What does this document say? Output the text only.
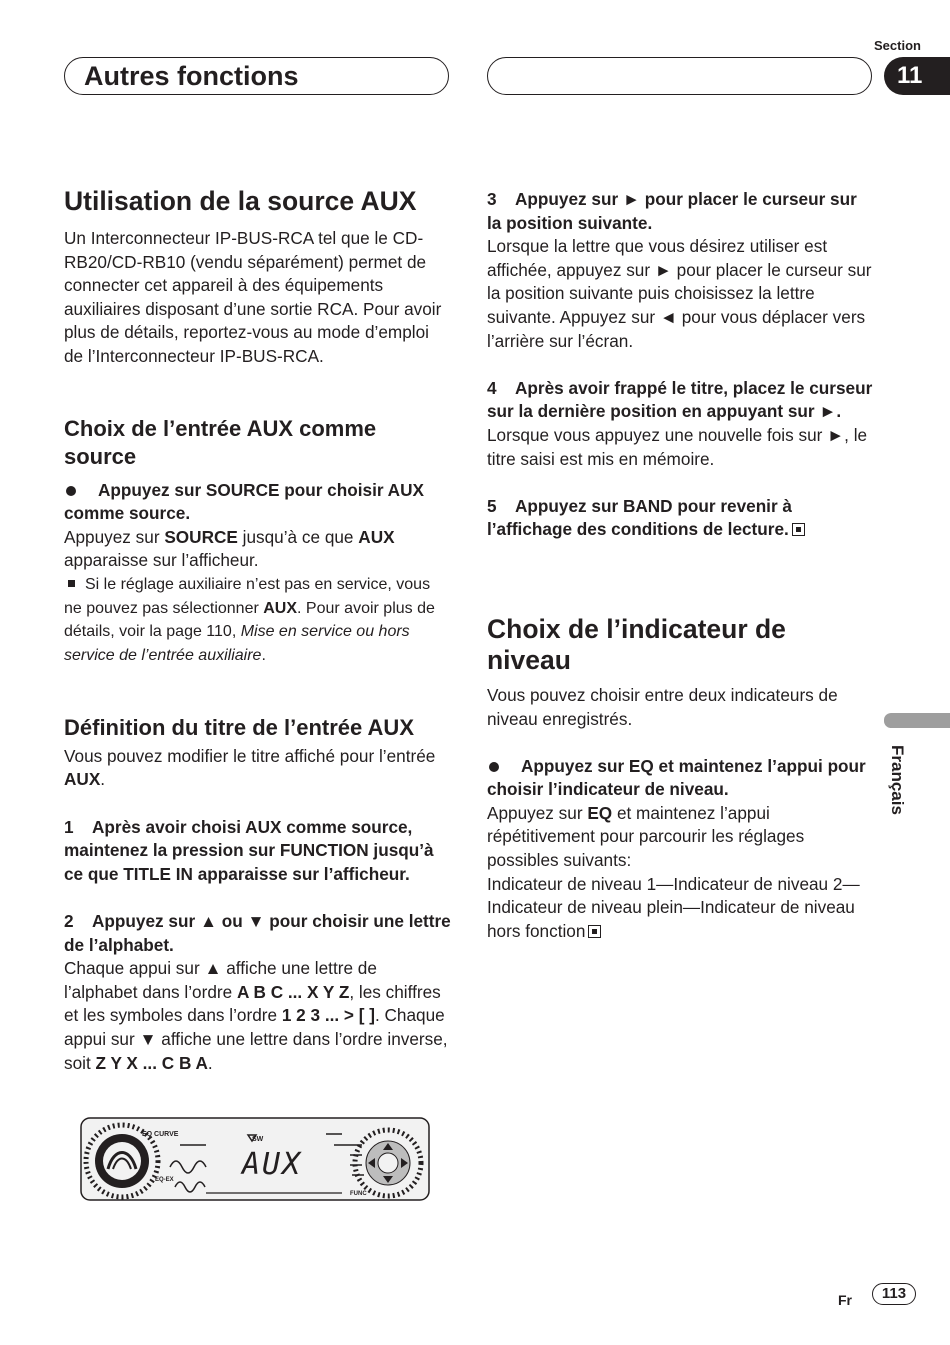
Autres fonctions
Section
11
Utilisation de la source AUX

Un Interconnecteur IP-BUS-RCA tel que le CD-RB20/CD-RB10 (vendu séparément) permet de connecter cet appareil à des équipements auxiliaires disposant d’une sortie RCA. Pour avoir plus de détails, reportez-vous au mode d’emploi de l’Interconnecteur IP-BUS-RCA.

Choix de l’entrée AUX comme source

Appuyez sur SOURCE pour choisir AUX comme source.

Appuyez sur SOURCE jusqu’à ce que AUX apparaisse sur l’afficheur.

Si le réglage auxiliaire n’est pas en service, vous ne pouvez pas sélectionner AUX. Pour avoir plus de détails, voir la page 110, Mise en service ou hors service de l’entrée auxiliaire.

Définition du titre de l’entrée AUX

Vous pouvez modifier le titre affiché pour l’entrée AUX.

1    Après avoir choisi AUX comme source, maintenez la pression sur FUNCTION jusqu’à ce que TITLE IN apparaisse sur l’afficheur.

2    Appuyez sur ▲ ou ▼ pour choisir une lettre de l’alphabet.

Chaque appui sur ▲ affiche une lettre de l’alphabet dans l’ordre A B C ... X Y Z, les chiffres et les symboles dans l’ordre 1 2 3 ... > [ ]. Chaque appui sur ▼ affiche une lettre dans l’ordre inverse, soit Z Y X ... C B A.

EQ CURVE
EQ-EX
SW
FUNC
AUX

3    Appuyez sur ► pour placer le curseur sur la position suivante.

Lorsque la lettre que vous désirez utiliser est affichée, appuyez sur ► pour placer le curseur sur la position suivante puis choisissez la lettre suivante. Appuyez sur ◄ pour vous déplacer vers l’arrière sur l’écran.

4    Après avoir frappé le titre, placez le curseur sur la dernière position en appuyant sur ►.

Lorsque vous appuyez une nouvelle fois sur ►, le titre saisi est mis en mémoire.

5    Appuyez sur BAND pour revenir à l’affichage des conditions de lecture.

Choix de l’indicateur de niveau

Vous pouvez choisir entre deux indicateurs de niveau enregistrés.

Appuyez sur EQ et maintenez l’appui pour choisir l’indicateur de niveau.

Appuyez sur EQ et maintenez l’appui répétitivement pour parcourir les réglages possibles suivants:

Indicateur de niveau 1—Indicateur de niveau 2—Indicateur de niveau plein—Indicateur de niveau hors fonction

Français
Fr	113
